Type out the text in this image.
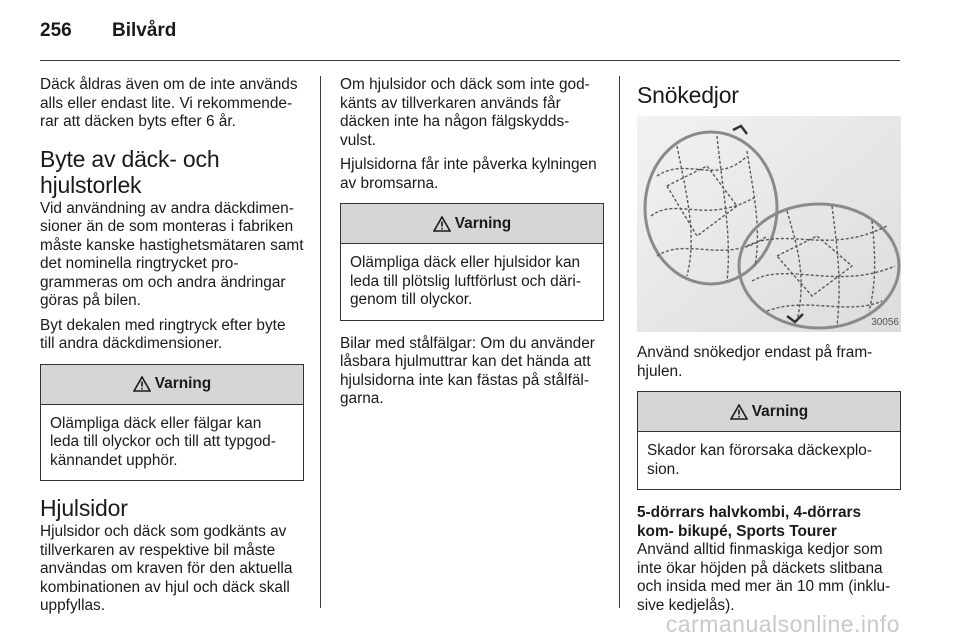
256	Bilvård

Däck åldras även om de inte används alls eller endast lite. Vi rekommende- rar att däcken byts efter 6 år.

Byte av däck- och hjulstorlek

Vid användning av andra däckdimen- sioner än de som monteras i fabriken måste kanske hastighetsmätaren samt det nominella ringtrycket pro- grammeras om och andra ändringar göras på bilen.

Byt dekalen med ringtryck efter byte till andra däckdimensioner.

Varning
Olämpliga däck eller fälgar kan leda till olyckor och till att typgod- kännandet upphör.
Hjulsidor

Hjulsidor och däck som godkänts av tillverkaren av respektive bil måste användas om kraven för den aktuella kombinationen av hjul och däck skall uppfyllas.

Om hjulsidor och däck som inte god- känts av tillverkaren används får däcken inte ha någon fälgskydds- vulst.

Hjulsidorna får inte påverka kylningen av bromsarna.

Varning
Olämpliga däck eller hjulsidor kan leda till plötslig luftförlust och däri- genom till olyckor.

Bilar med stålfälgar: Om du använder låsbara hjulmuttrar kan det hända att hjulsidorna inte kan fästas på stålfäl- garna.

Snökedjor
30056

Använd snökedjor endast på fram- hjulen.

Varning
Skador kan förorsaka däckexplo- sion.
5-dörrars halvkombi, 4-dörrars kom- bikupé, Sports Tourer

Använd alltid finmaskiga kedjor som inte ökar höjden på däckets slitbana och insida med mer än 10 mm (inklu- sive kedjelås).

carmanualsonline.info
